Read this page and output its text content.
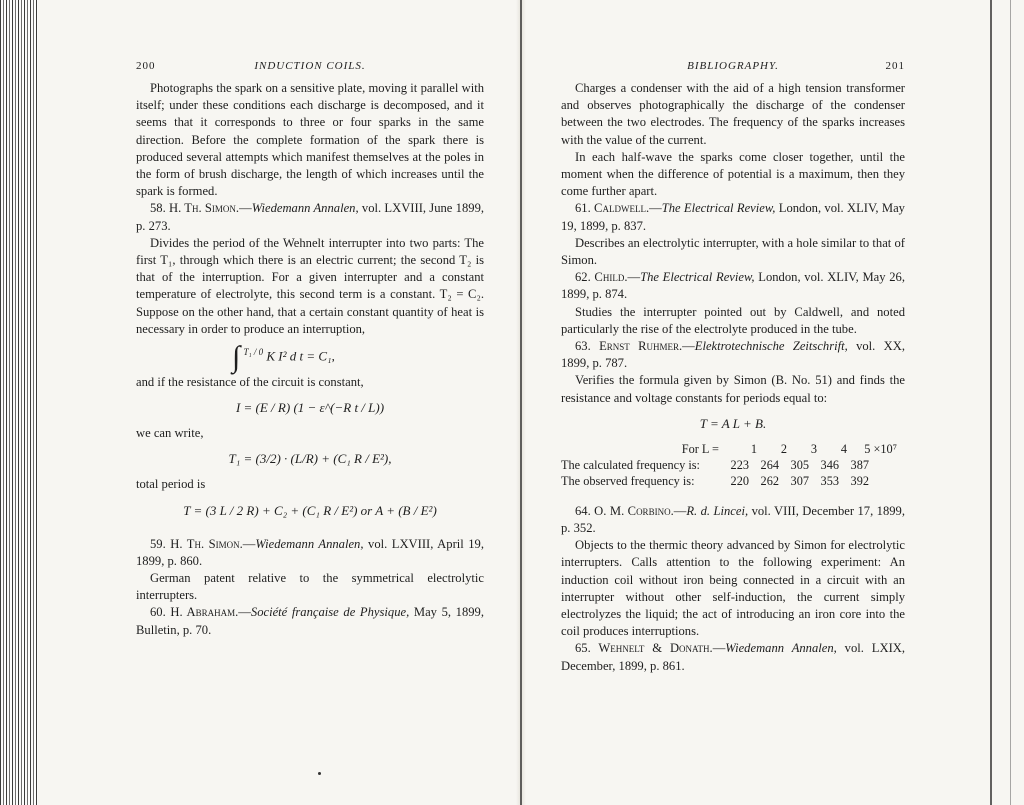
200	INDUCTION COILS.

Photographs the spark on a sensitive plate, moving it parallel with itself; under these conditions each discharge is decomposed, and it seems that it corresponds to three or four sparks in the same direction. Before the complete formation of the spark there is produced several attempts which manifest themselves at the poles in the form of brush discharge, the length of which increases until the spark is formed.

58. H. Th. Simon.—Wiedemann Annalen, vol. LXVIII, June 1899, p. 273.

Divides the period of the Wehnelt interrupter into two parts: The first T₁, through which there is an electric current; the second T₂ is that of the interruption. For a given interrupter and a constant temperature of electrolyte, this second term is a constant. T₂ = C₂. Suppose on the other hand, that a certain constant quantity of heat is necessary in order to produce an interruption,

∫ $^{T_1 / 0}$ K I² d t = C₁,

and if the resistance of the circuit is constant,

I = (E / R) (1 − ε^(−R t / L))

we can write,

T₁ = (3/2) · (L/R) + (C₁ R / E²),

total period is

T = (3 L / 2 R) + C₂ + (C₁ R / E²) or A + (B / E²)

59. H. Th. Simon.—Wiedemann Annalen, vol. LXVIII, April 19, 1899, p. 860.

German patent relative to the symmetrical electrolytic interrupters.

60. H. Abraham.—Société française de Physique, May 5, 1899, Bulletin, p. 70.

BIBLIOGRAPHY.	201

Charges a condenser with the aid of a high tension transformer and observes photographically the discharge of the condenser between the two electrodes. The frequency of the sparks increases with the value of the current.

In each half-wave the sparks come closer together, until the moment when the difference of potential is a maximum, then they come further apart.

61. Caldwell.—The Electrical Review, London, vol. XLIV, May 19, 1899, p. 837.

Describes an electrolytic interrupter, with a hole similar to that of Simon.

62. Child.—The Electrical Review, London, vol. XLIV, May 26, 1899, p. 874.

Studies the interrupter pointed out by Caldwell, and noted particularly the rise of the electrolyte produced in the tube.

63. Ernst Ruhmer.—Elektrotechnische Zeitschrift, vol. XX, 1899, p. 787.

Verifies the formula given by Simon (B. No. 51) and finds the resistance and voltage constants for periods equal to:

T = A L + B.
For L =	1	2	3	4	5 ×10⁷
The calculated frequency is:	223 264 305 346 387
The observed frequency is:	220 262 307 353 392

64. O. M. Corbino.—R. d. Lincei, vol. VIII, December 17, 1899, p. 352.

Objects to the thermic theory advanced by Simon for electrolytic interrupters. Calls attention to the following experiment: An induction coil without iron being connected in a circuit with an interrupter without other self-induction, the current simply electrolyzes the liquid; the act of introducing an iron core into the coil produces interruptions.

65. Wehnelt & Donath.—Wiedemann Annalen, vol. LXIX, December, 1899, p. 861.
